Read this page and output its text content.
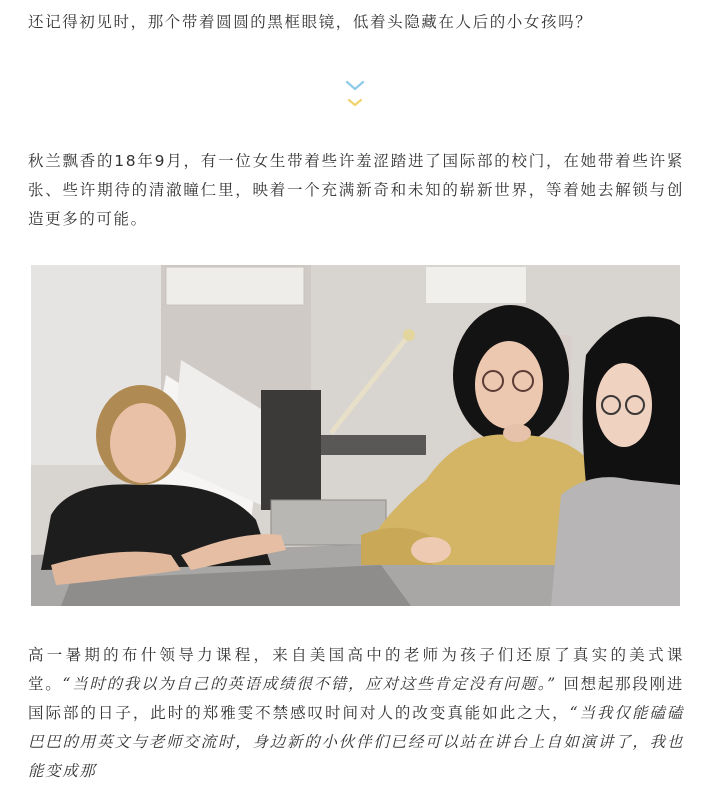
还记得初见时，那个带着圆圆的黑框眼镜，低着头隐藏在人后的小女孩吗？

秋兰飘香的18年9月，有一位女生带着些许羞涩踏进了国际部的校门，在她带着些许紧张、些许期待的清澈瞳仁里，映着一个充满新奇和未知的崭新世界，等着她去解锁与创造更多的可能。

高一暑期的布什领导力课程，来自美国高中的老师为孩子们还原了真实的美式课堂。“当时的我以为自己的英语成绩很不错，应对这些肯定没有问题。” 回想起那段刚进国际部的日子，此时的郑雅雯不禁感叹时间对人的改变真能如此之大，“当我仅能磕磕巴巴的用英文与老师交流时，身边新的小伙伴们已经可以站在讲台上自如演讲了，我也能变成那
